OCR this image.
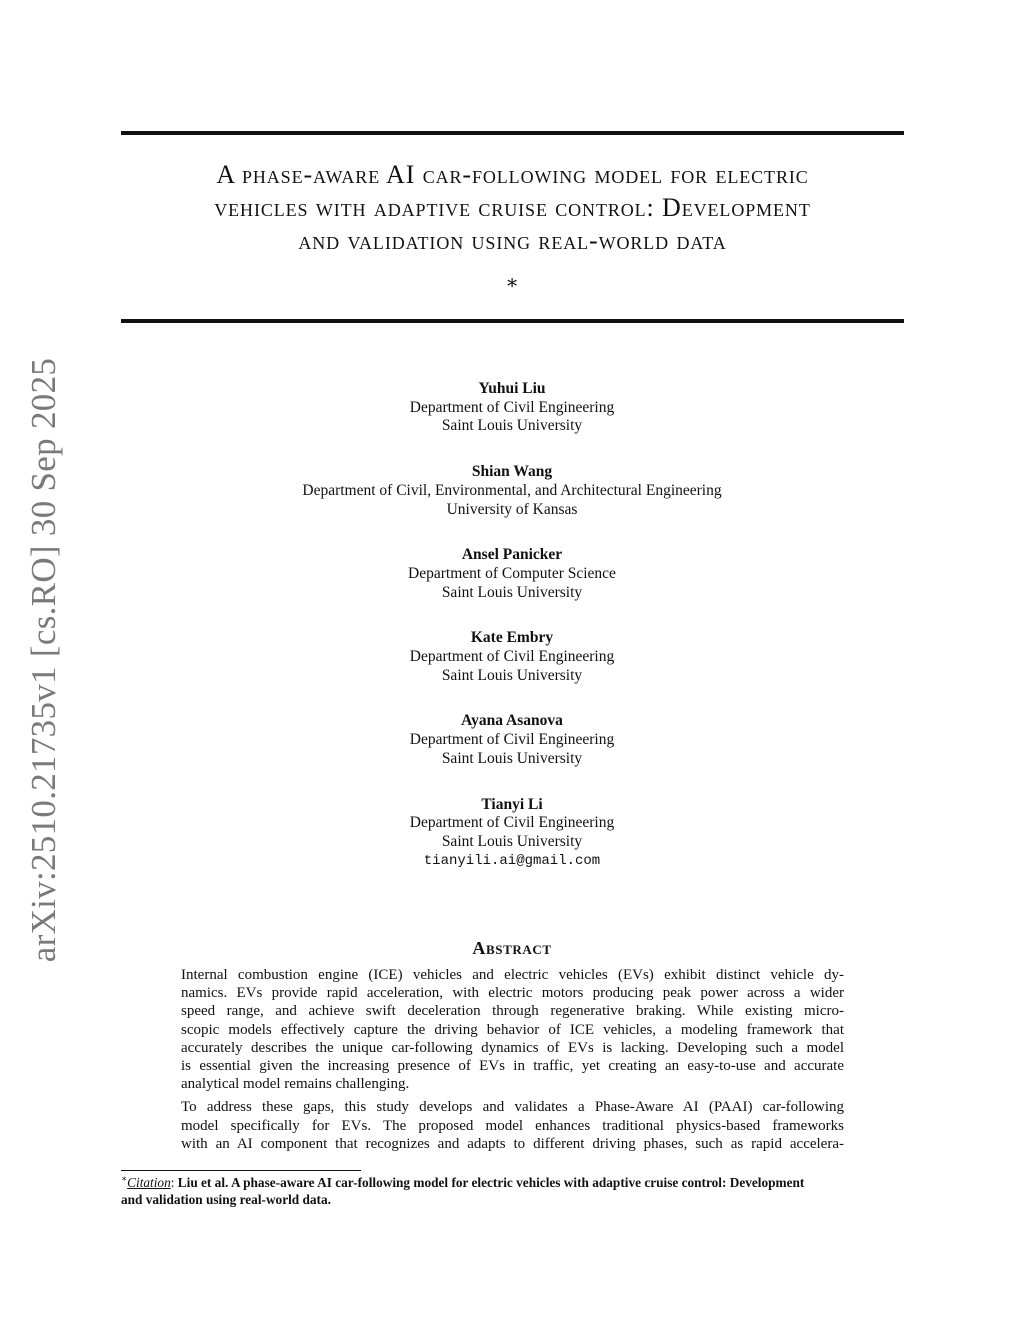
arXiv:2510.21735v1 [cs.RO] 30 Sep 2025
A phase-aware AI car-following model for electric
vehicles with adaptive cruise control: Development
and validation using real-world data
∗
Yuhui Liu
Department of Civil Engineering
Saint Louis University
Shian Wang
Department of Civil, Environmental, and Architectural Engineering
University of Kansas
Ansel Panicker
Department of Computer Science
Saint Louis University
Kate Embry
Department of Civil Engineering
Saint Louis University
Ayana Asanova
Department of Civil Engineering
Saint Louis University
Tianyi Li
Department of Civil Engineering
Saint Louis University
tianyili.ai@gmail.com
Abstract

Internal combustion engine (ICE) vehicles and electric vehicles (EVs) exhibit distinct vehicle dy-
namics. EVs provide rapid acceleration, with electric motors producing peak power across a wider
speed range, and achieve swift deceleration through regenerative braking. While existing micro-
scopic models effectively capture the driving behavior of ICE vehicles, a modeling framework that
accurately describes the unique car-following dynamics of EVs is lacking. Developing such a model
is essential given the increasing presence of EVs in traffic, yet creating an easy-to-use and accurate
analytical model remains challenging.

To address these gaps, this study develops and validates a Phase-Aware AI (PAAI) car-following
model specifically for EVs. The proposed model enhances traditional physics-based frameworks
with an AI component that recognizes and adapts to different driving phases, such as rapid accelera-

∗Citation: Liu et al. A phase-aware AI car-following model for electric vehicles with adaptive cruise control: Development
and validation using real-world data.
